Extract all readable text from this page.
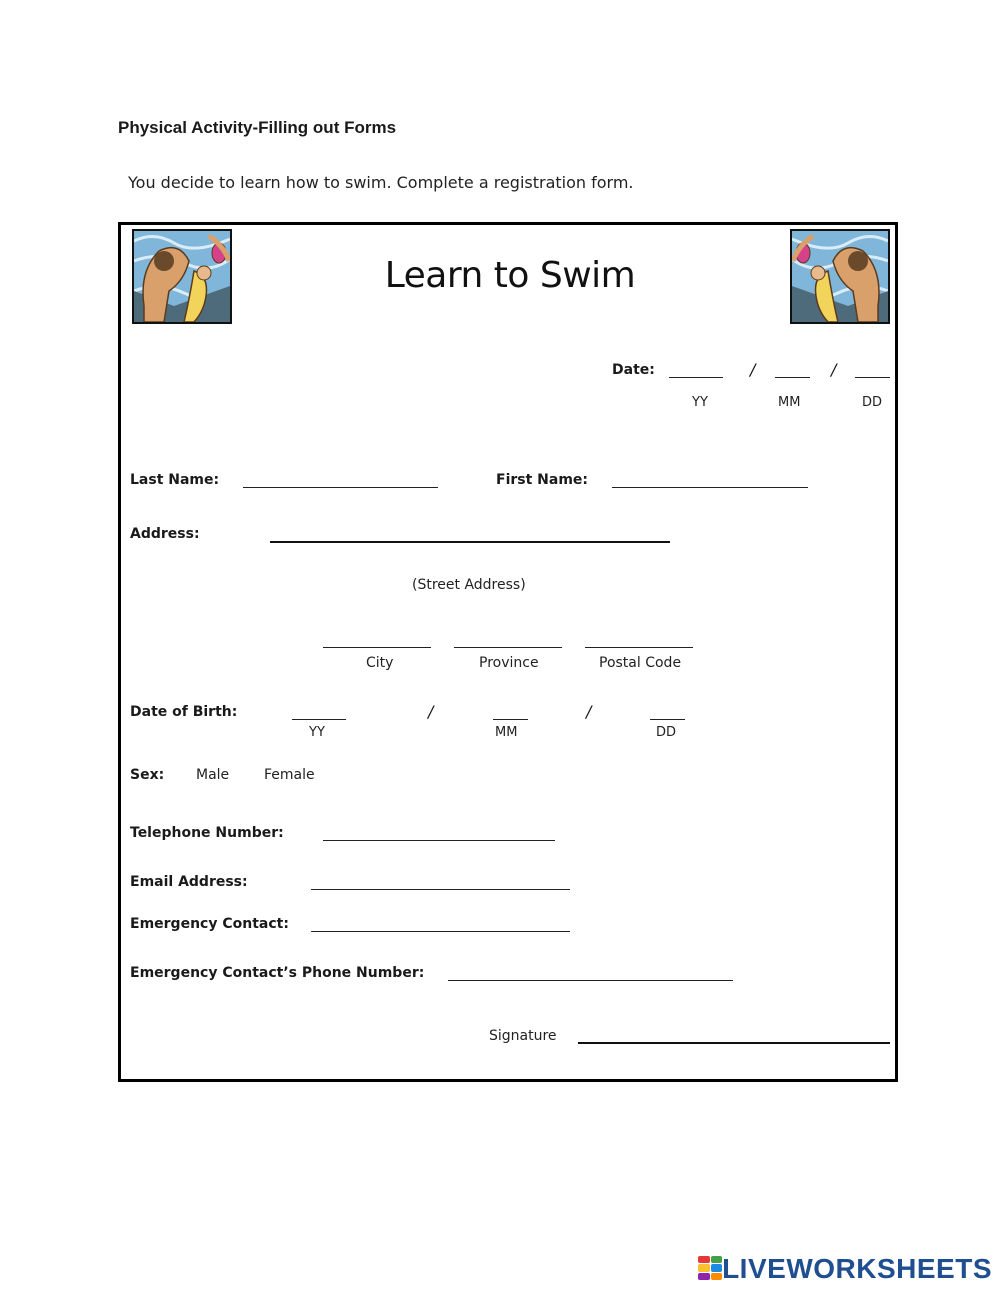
Physical Activity-Filling out Forms
You decide to learn how to swim. Complete a registration form.
Learn to Swim
Date:	/	/
YY	MM	DD
Last Name:	First Name:
Address:
(Street Address)
City	Province	Postal Code
Date of Birth:	/	/
YY	MM	DD
Sex: Male Female
Telephone Number:
Email Address:
Emergency Contact:
Emergency Contact’s Phone Number:
Signature
LIVEWORKSHEETS
